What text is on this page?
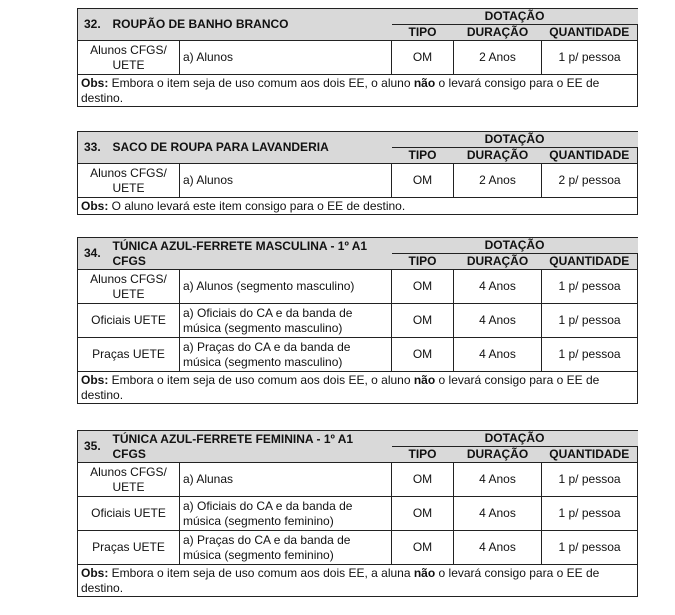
32.	ROUPÃO DE BANHO BRANCO		DOTAÇÃO		
			TIPO	DURAÇÃO	QUANTIDADE
Alunos CFGS/ UETE		a) Alunos	OM	2 Anos	1 p/ pessoa
Obs: Embora o item seja de uso comum aos dois EE, o aluno não o levará consigo para o EE de destino.					
33.	SACO DE ROUPA PARA LAVANDERIA		DOTAÇÃO		
			TIPO	DURAÇÃO	QUANTIDADE
Alunos CFGS/ UETE		a) Alunos	OM	2 Anos	2 p/ pessoa
Obs: O aluno levará este item consigo para o EE de destino.					
34.	TÚNICA AZUL-FERRETE MASCULINA - 1º A1 CFGS		DOTAÇÃO		
			TIPO	DURAÇÃO	QUANTIDADE
Alunos CFGS/ UETE		a) Alunos (segmento masculino)	OM	4 Anos	1 p/ pessoa
Oficiais UETE		a) Oficiais do CA e da banda de música (segmento masculino)	OM	4 Anos	1 p/ pessoa
Praças UETE		a) Praças do CA e da banda de música (segmento masculino)	OM	4 Anos	1 p/ pessoa
Obs: Embora o item seja de uso comum aos dois EE, o aluno não o levará consigo para o EE de destino.					
35.	TÚNICA AZUL-FERRETE FEMININA - 1º A1 CFGS		DOTAÇÃO		
			TIPO	DURAÇÃO	QUANTIDADE
Alunos CFGS/ UETE		a) Alunas	OM	4 Anos	1 p/ pessoa
Oficiais UETE		a) Oficiais do CA e da banda de música (segmento feminino)	OM	4 Anos	1 p/ pessoa
Praças UETE		a) Praças do CA e da banda de música (segmento feminino)	OM	4 Anos	1 p/ pessoa
Obs: Embora o item seja de uso comum aos dois EE, a aluna não o levará consigo para o EE de destino.					
